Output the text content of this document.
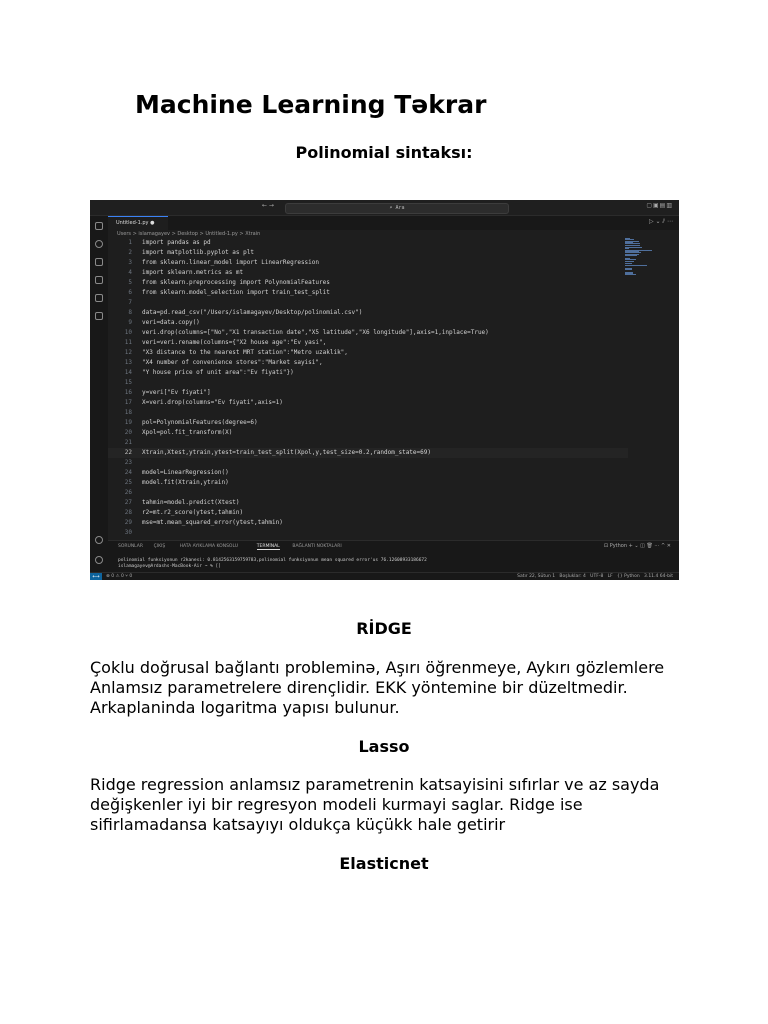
Machine Learning Təkrar

Polinomial sintaksı:

← →	⌕ Ara	▢▣▤▥
Untitled-1.py ●	▷ ⌄ ⫽ ⋯
Users > islamagayev > Desktop > Untitled-1.py > Xtrain
1 import pandas as pd
2 import matplotlib.pyplot as plt
3 from sklearn.linear_model import LinearRegression
4 import sklearn.metrics as mt
5 from sklearn.preprocessing import PolynomialFeatures
6 from sklearn.model_selection import train_test_split
7
8 data=pd.read_csv("/Users/islamagayev/Desktop/polinomial.csv")
9 veri=data.copy()
10 veri.drop(columns=["No","X1 transaction date","X5 latitude","X6 longitude"],axis=1,inplace=True)
11 veri=veri.rename(columns={"X2 house age":"Ev yasi",
12 "X3 distance to the nearest MRT station":"Metro uzaklik",
13 "X4 number of convenience stores":"Market sayisi",
14 "Y house price of unit area":"Ev fiyati"})
15
16 y=veri["Ev fiyati"]
17 X=veri.drop(columns="Ev fiyati",axis=1)
18
19 pol=PolynomialFeatures(degree=6)
20 Xpol=pol.fit_transform(X)
21
22 Xtrain,Xtest,ytrain,ytest=train_test_split(Xpol,y,test_size=0.2,random_state=69)
23
24 model=LinearRegression()
25 model.fit(Xtrain,ytrain)
26
27 tahmin=model.predict(Xtest)
28 r2=mt.r2_score(ytest,tahmin)
29 mse=mt.mean_squared_error(ytest,tahmin)
30
SORUNLAR ÇIKIŞ	HATA AYIKLAMA KONSOLU	TERMİNAL	BAĞLANTI NOKTALARI	⊡ Python + ⌄ ◫ 🗑 ⋯ ^ ✕
polinomial funksiyonun r2kanesi: 0.8142563159759783,polinomial funksiyonun mean squared error'us 76.12608933186672
islamagayev@Ardashs-MacBook-Air ~ % []
⟷	⊗ 0 ⚠ 0 ⑂ 0	Satır 22, Sütun 1   Boşluklar: 4   UTF-8   LF   {} Python   3.11.4 64-bit

RİDGE

Çoklu doğrusal bağlantı probleminə, Aşırı öğrenmeye, Aykırı gözlemlere Anlamsız parametrelere dirençlidir. EKK yöntemine bir düzeltmedir. Arkaplaninda logaritma yapısı bulunur.

Lasso

Ridge regression anlamsız parametrenin katsayisini sıfırlar ve az sayda değişkenler iyi bir regresyon modeli kurmayi saglar. Ridge ise sifirlamadansa katsayıyı oldukça küçükk hale getirir

Elasticnet
